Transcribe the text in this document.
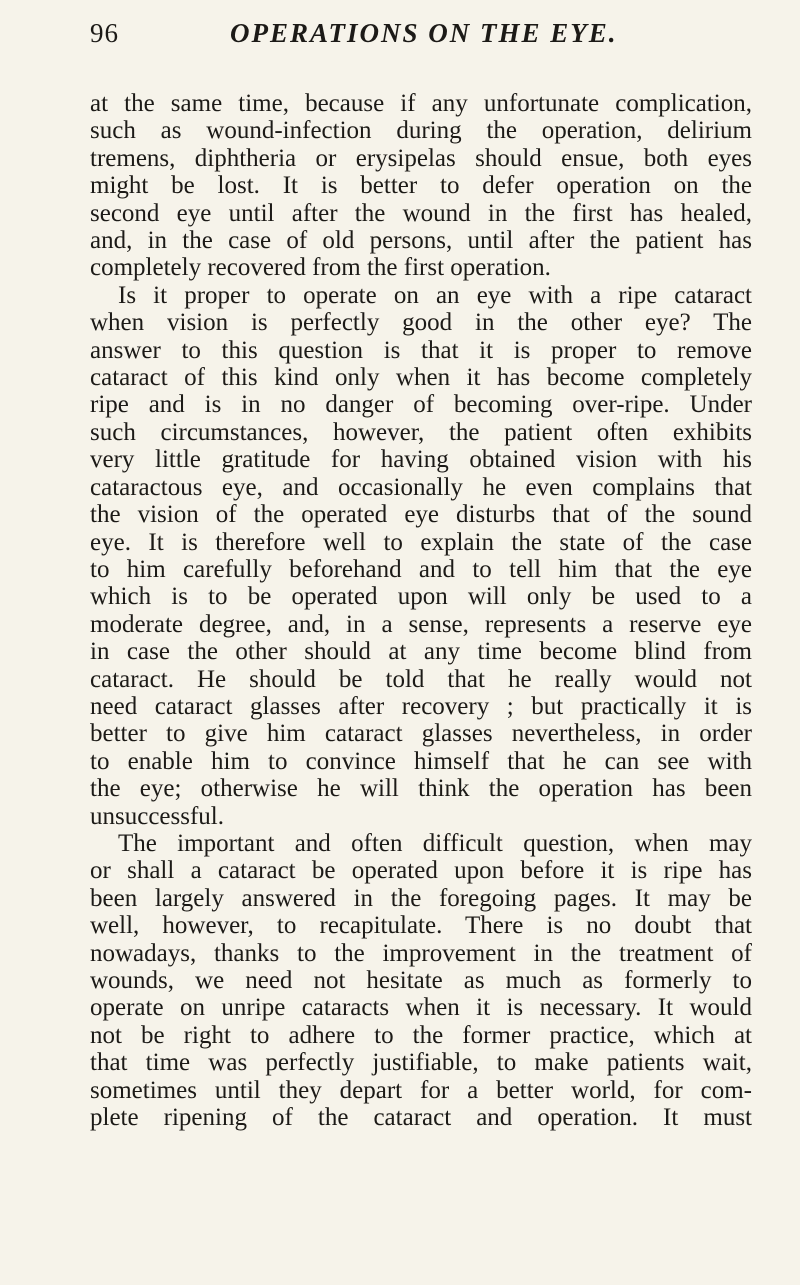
96	OPERATIONS ON THE EYE.
at the same time, because if any unfortunate complication,
such as wound-infection during the operation, delirium
tremens, diphtheria or erysipelas should ensue, both eyes
might be lost. It is better to defer operation on the
second eye until after the wound in the first has healed,
and, in the case of old persons, until after the patient has
completely recovered from the first operation.
Is it proper to operate on an eye with a ripe cataract
when vision is perfectly good in the other eye? The
answer to this question is that it is proper to remove
cataract of this kind only when it has become completely
ripe and is in no danger of becoming over-ripe. Under
such circumstances, however, the patient often exhibits
very little gratitude for having obtained vision with his
cataractous eye, and occasionally he even complains that
the vision of the operated eye disturbs that of the sound
eye. It is therefore well to explain the state of the case
to him carefully beforehand and to tell him that the eye
which is to be operated upon will only be used to a
moderate degree, and, in a sense, represents a reserve eye
in case the other should at any time become blind from
cataract. He should be told that he really would not
need cataract glasses after recovery ; but practically it is
better to give him cataract glasses nevertheless, in order
to enable him to convince himself that he can see with
the eye; otherwise he will think the operation has been
unsuccessful.
The important and often difficult question, when may
or shall a cataract be operated upon before it is ripe has
been largely answered in the foregoing pages. It may be
well, however, to recapitulate. There is no doubt that
nowadays, thanks to the improvement in the treatment of
wounds, we need not hesitate as much as formerly to
operate on unripe cataracts when it is necessary. It would
not be right to adhere to the former practice, which at
that time was perfectly justifiable, to make patients wait,
sometimes until they depart for a better world, for com-
plete ripening of the cataract and operation. It must
